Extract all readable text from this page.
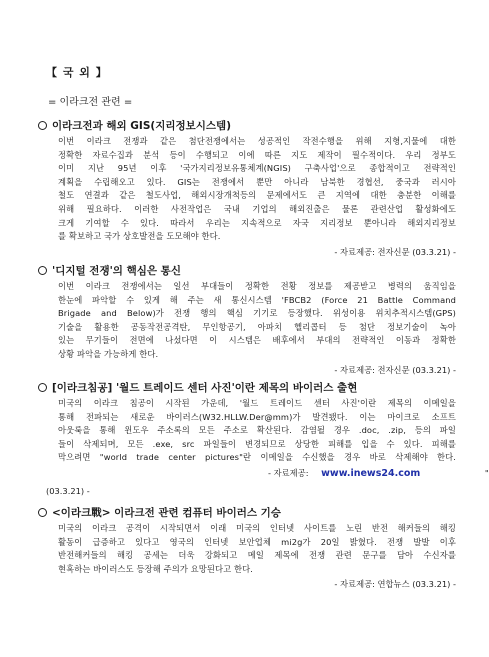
【 국 외 】
= 이라크전 관련 =
이라크전과 해외 GIS(지리정보시스템)
이번 이라크 전쟁과 같은 첨단전쟁에서는 성공적인 작전수행을 위해 지형,지물에 대한
정확한 자료수집과 분석 등이 수행되고 이에 따른 지도 제작이 필수적이다. 우리 정부도
이미 지난 95년 이후 '국가지리정보유통체계(NGIS) 구축사업'으로 종합적이고 전략적인
계획을 수립해오고 있다. GIS는 전쟁에서 뿐만 아니라 남북한 경협선, 중국과 러시아
철도 연결과 같은 철도사업, 해외시장개척등의 문제에서도 큰 지역에 대한 충분한 이해를
위해 필요하다. 이러한 사전작업은 국내 기업의 해외진출은 물론 관련산업 활성화에도
크게 기여할 수 있다. 따라서 우리는 지속적으로 자국 지리정보 뿐아니라 해외지리정보
를 확보하고 국가 상호발전을 도모해야 한다.
- 자료제공: 전자신문 (03.3.21) -
'디지털 전쟁'의 핵심은 통신
이번 이라크 전쟁에서는 일선 부대들이 정확한 전황 정보를 제공받고 병력의 움직임을
한눈에 파악할 수 있게 해 주는 새 통신시스템 'FBCB2 (Force 21 Battle Command
Brigade and Below)가 전쟁 행의 핵심 기기로 등장했다. 위성이용 위치추적시스템(GPS)
기술을 활용한 공동작전공격탄, 무인항공기, 아파치 헬리콥터 등 첨단 정보기술이 녹아
있는 무기들이 전면에 나섰다면 이 시스템은 배후에서 부대의 전략적인 이동과 정확한
상황 파악을 가능하게 한다.
- 자료제공: 전자신문 (03.3.21) -
[이라크침공] '월드 트레이드 센터 사진'이란 제목의 바이러스 출현
미국의 이라크 침공이 시작된 가운데, '월드 트레이드 센터 사진'이란 제목의 이메일을
통해 전파되는 새로운 바이러스(W32.HLLW.Der@mm)가 발견됐다. 이는 마이크로 소프트
아웃룩을 통해 윈도우 주소록의 모든 주소로 확산된다. 감염될 경우 .doc, .zip, 등의 파일
들이 삭제되며, 모든 .exe, src 파일들이 변경되므로 상당한 피해를 입을 수 있다. 피해를
막으려면 "world trade center pictures"란 이메일을 수신했을 경우 바로 삭제해야 한다.
- 자료제공: www.inews24.com	"
(03.3.21) -
<이라크戰> 이라크전 관련 컴퓨터 바이러스 기승
미국의 이라크 공격이 시작되면서 이래 미국의 인터넷 사이트를 노린 반전 해커들의 해킹
활동이 급증하고 있다고 영국의 인터넷 보안업체 mi2g가 20일 밝혔다. 전쟁 발발 이후
반전해커들의 해킹 공세는 더욱 강화되고 메일 제목에 전쟁 관련 문구를 담아 수신자를
현혹하는 바이러스도 등장해 주의가 요망된다고 한다.
- 자료제공: 연합뉴스 (03.3.21) -
